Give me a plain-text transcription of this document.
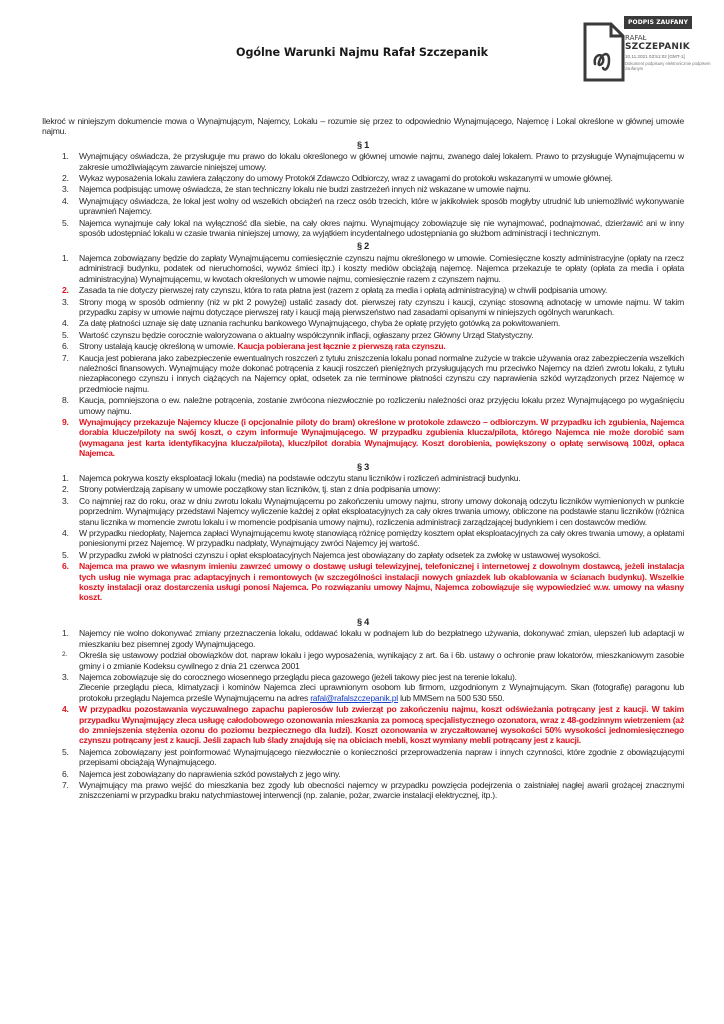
Ogólne Warunki Najmu Rafał Szczepanik
PODPIS ZAUFANY
RAFAŁ
SZCZEPANIK
10.11.2021 03:51:02 [GMT-1]
Dokument podpisany elektronicznie podpisem zaufanym

Ilekroć w niniejszym dokumencie mowa o Wynajmującym, Najemcy, Lokalu – rozumie się przez to odpowiednio Wynajmującego, Najemcę i Lokal określone w głównej umowie najmu.

§ 1
1.	Wynajmujący oświadcza, że przysługuje mu prawo do lokalu określonego w głównej umowie najmu, zwanego dalej lokalem. Prawo to przysługuje Wynajmującemu w zakresie umożliwiającym zawarcie niniejszej umowy.
2.	Wykaz wyposażenia lokalu zawiera załączony do umowy Protokół Zdawczo Odbiorczy, wraz z uwagami do protokołu wskazanymi w umowie głównej.
3.	Najemca podpisując umowę oświadcza, że stan techniczny lokalu nie budzi zastrzeżeń innych niż wskazane w umowie najmu.
4.	Wynajmujący oświadcza, że lokal jest wolny od wszelkich obciążeń na rzecz osób trzecich, które w jakikolwiek sposób mogłyby utrudnić lub uniemożliwić wykonywanie uprawnień Najemcy.
5.	Najemca wynajmuje cały lokal na wyłączność dla siebie, na cały okres najmu. Wynajmujący zobowiązuje się nie wynajmować, podnajmować, dzierżawić ani w inny sposób udostępniać lokalu w czasie trwania niniejszej umowy, za wyjątkiem incydentalnego udostępniania go służbom administracji i technicznym.
§ 2
1.	Najemca zobowiązany będzie do zapłaty Wynajmującemu comiesięcznie czynszu najmu określonego w umowie. Comiesięczne koszty administracyjne (opłaty na rzecz administracji budynku, podatek od nieruchomości, wywóz śmieci itp.) i koszty mediów obciążają najemcę. Najemca przekazuje te opłaty (opłata za media i opłata administracyjna) Wynajmującemu, w kwotach określonych w umowie najmu, comiesięcznie razem z czynszem najmu.
2.	Zasada ta nie dotyczy pierwszej raty czynszu, która to rata płatna jest (razem z opłatą za media i opłatą administracyjną) w chwili podpisania umowy.
3.	Strony mogą w sposób odmienny (niż w pkt 2 powyżej) ustalić zasady dot. pierwszej raty czynszu i kaucji, czyniąc stosowną adnotację w umowie najmu. W takim przypadku zapisy w umowie najmu dotyczące pierwszej raty i kaucji mają pierwszeństwo nad zasadami opisanymi w niniejszych ogólnych warunkach.
4.	Za datę płatności uznaje się datę uznania rachunku bankowego Wynajmującego, chyba że opłatę przyjęto gotówką za pokwitowaniem.
5.	Wartość czynszu będzie corocznie waloryzowana o aktualny współczynnik inflacji, ogłaszany przez Główny Urząd Statystyczny.
6.	Strony ustalają kaucję określoną w umowie. Kaucja pobierana jest łącznie z pierwszą rata czynszu.
7.	Kaucja jest pobierana jako zabezpieczenie ewentualnych roszczeń z tytułu zniszczenia lokalu ponad normalne zużycie w trakcie używania oraz zabezpieczenia wszelkich należności finansowych. Wynajmujący może dokonać potrącenia z kaucji roszczeń pieniężnych przysługujących mu przeciwko Najemcy na dzień zwrotu lokalu, z tytułu niezapłaconego czynszu i innych ciążących na Najemcy opłat, odsetek za nie terminowe płatności czynszu czy naprawienia szkód wyrządzonych przez Najemcę w przedmiocie najmu.
8.	Kaucja, pomniejszona o ew. należne potrącenia, zostanie zwrócona niezwłocznie po rozliczeniu należności oraz przyjęciu lokalu przez Wynajmującego po wygaśnięciu umowy najmu.
9.	Wynajmujący przekazuje Najemcy klucze (i opcjonalnie piloty do bram) określone w protokole zdawczo – odbiorczym. W przypadku ich zgubienia, Najemca dorabia klucze/piloty na swój koszt, o czym informuje Wynajmującego. W przypadku zgubienia klucza/pilota, którego Najemca nie może dorobić sam (wymagana jest karta identyfikacyjna klucza/pilota), klucz/pilot dorabia Wynajmujący. Koszt dorobienia, powiększony o opłatę serwisową 100zł, opłaca Najemca.
§ 3
1.	Najemca pokrywa koszty eksploatacji lokalu (media) na podstawie odczytu stanu liczników i rozliczeń administracji budynku.
2.	Strony potwierdzają zapisany w umowie początkowy stan liczników, tj. stan z dnia podpisania umowy:
3.	Co najmniej raz do roku, oraz w dniu zwrotu lokalu Wynajmującemu po zakończeniu umowy najmu, strony umowy dokonają odczytu liczników wymienionych w punkcie poprzednim. Wynajmujący przedstawi Najemcy wyliczenie każdej z opłat eksploatacyjnych za cały okres trwania umowy, obliczone na podstawie stanu liczników (różnica stanu licznika w momencie zwrotu lokalu i w momencie podpisania umowy najmu), rozliczenia administracji zarządzającej budynkiem i cen dostawców mediów.
4.	W przypadku niedopłaty, Najemca zapłaci Wynajmującemu kwotę stanowiącą różnicę pomiędzy kosztem opłat eksploatacyjnych za cały okres trwania umowy, a opłatami poniesionymi przez Najemcę. W przypadku nadpłaty, Wynajmujący zwróci Najemcy jej wartość.
5.	W przypadku zwłoki w płatności czynszu i opłat eksploatacyjnych Najemca jest obowiązany do zapłaty odsetek za zwłokę w ustawowej wysokości.
6.	Najemca ma prawo we własnym imieniu zawrzeć umowy o dostawę usługi telewizyjnej, telefonicznej i internetowej z dowolnym dostawcą, jeżeli instalacja tych usług nie wymaga prac adaptacyjnych i remontowych (w szczególności instalacji nowych gniazdek lub okablowania w ścianach budynku). Wszelkie koszty instalacji oraz dostarczenia usługi ponosi Najemca. Po rozwiązaniu umowy Najmu, Najemca zobowiązuje się wypowiedzieć w.w. umowy na własny koszt.
§ 4
1.	Najemcy nie wolno dokonywać zmiany przeznaczenia lokalu, oddawać lokalu w podnajem lub do bezpłatnego używania, dokonywać zmian, ulepszeń lub adaptacji w mieszkaniu bez pisemnej zgody Wynajmującego.
2.	Określa się ustawowy podział obowiązków dot. napraw lokalu i jego wyposażenia, wynikający z art. 6a i 6b. ustawy o ochronie praw lokatorów, mieszkaniowym zasobie gminy i o zmianie Kodeksu cywilnego z dnia 21 czerwca 2001
3.	Najemca zobowiązuje się do corocznego wiosennego przeglądu pieca gazowego (jeżeli takowy piec jest na terenie lokalu).
Zlecenie przeglądu pieca, klimatyzacji i kominów Najemca zleci uprawnionym osobom lub firmom, uzgodnionym z Wynajmującym. Skan (fotografię) paragonu lub protokołu przeglądu Najemca prześle Wynajmującemu na adres rafal@rafalszczepanik.pl lub MMSem na 500 530 550.
4.	W przypadku pozostawania wyczuwalnego zapachu papierosów lub zwierząt po zakończeniu najmu, koszt odświeżania potrącany jest z kaucji. W takim przypadku Wynajmujący zleca usługę całodobowego ozonowania mieszkania za pomocą specjalistycznego ozonatora, wraz z 48-godzinnym wietrzeniem (aż do zmniejszenia stężenia ozonu do poziomu bezpiecznego dla ludzi). Koszt ozonowania w zryczałtowanej wysokości 50% wysokości jednomiesięcznego czynszu potrącany jest z kaucji. Jeśli zapach lub ślady znajdują się na obiciach mebli, koszt wymiany mebli potrącany jest z kaucji.
5.	Najemca zobowiązany jest poinformować Wynajmującego niezwłocznie o konieczności przeprowadzenia napraw i innych czynności, które zgodnie z obowiązującymi przepisami obciążają Wynajmującego.
6.	Najemca jest zobowiązany do naprawienia szkód powstałych z jego winy.
7.	Wynajmujący ma prawo wejść do mieszkania bez zgody lub obecności najemcy w przypadku powzięcia podejrzenia o zaistniałej nagłej awarii grożącej znacznymi zniszczeniami w przypadku braku natychmiastowej interwencji (np. zalanie, pożar, zwarcie instalacji elektrycznej, itp.).
